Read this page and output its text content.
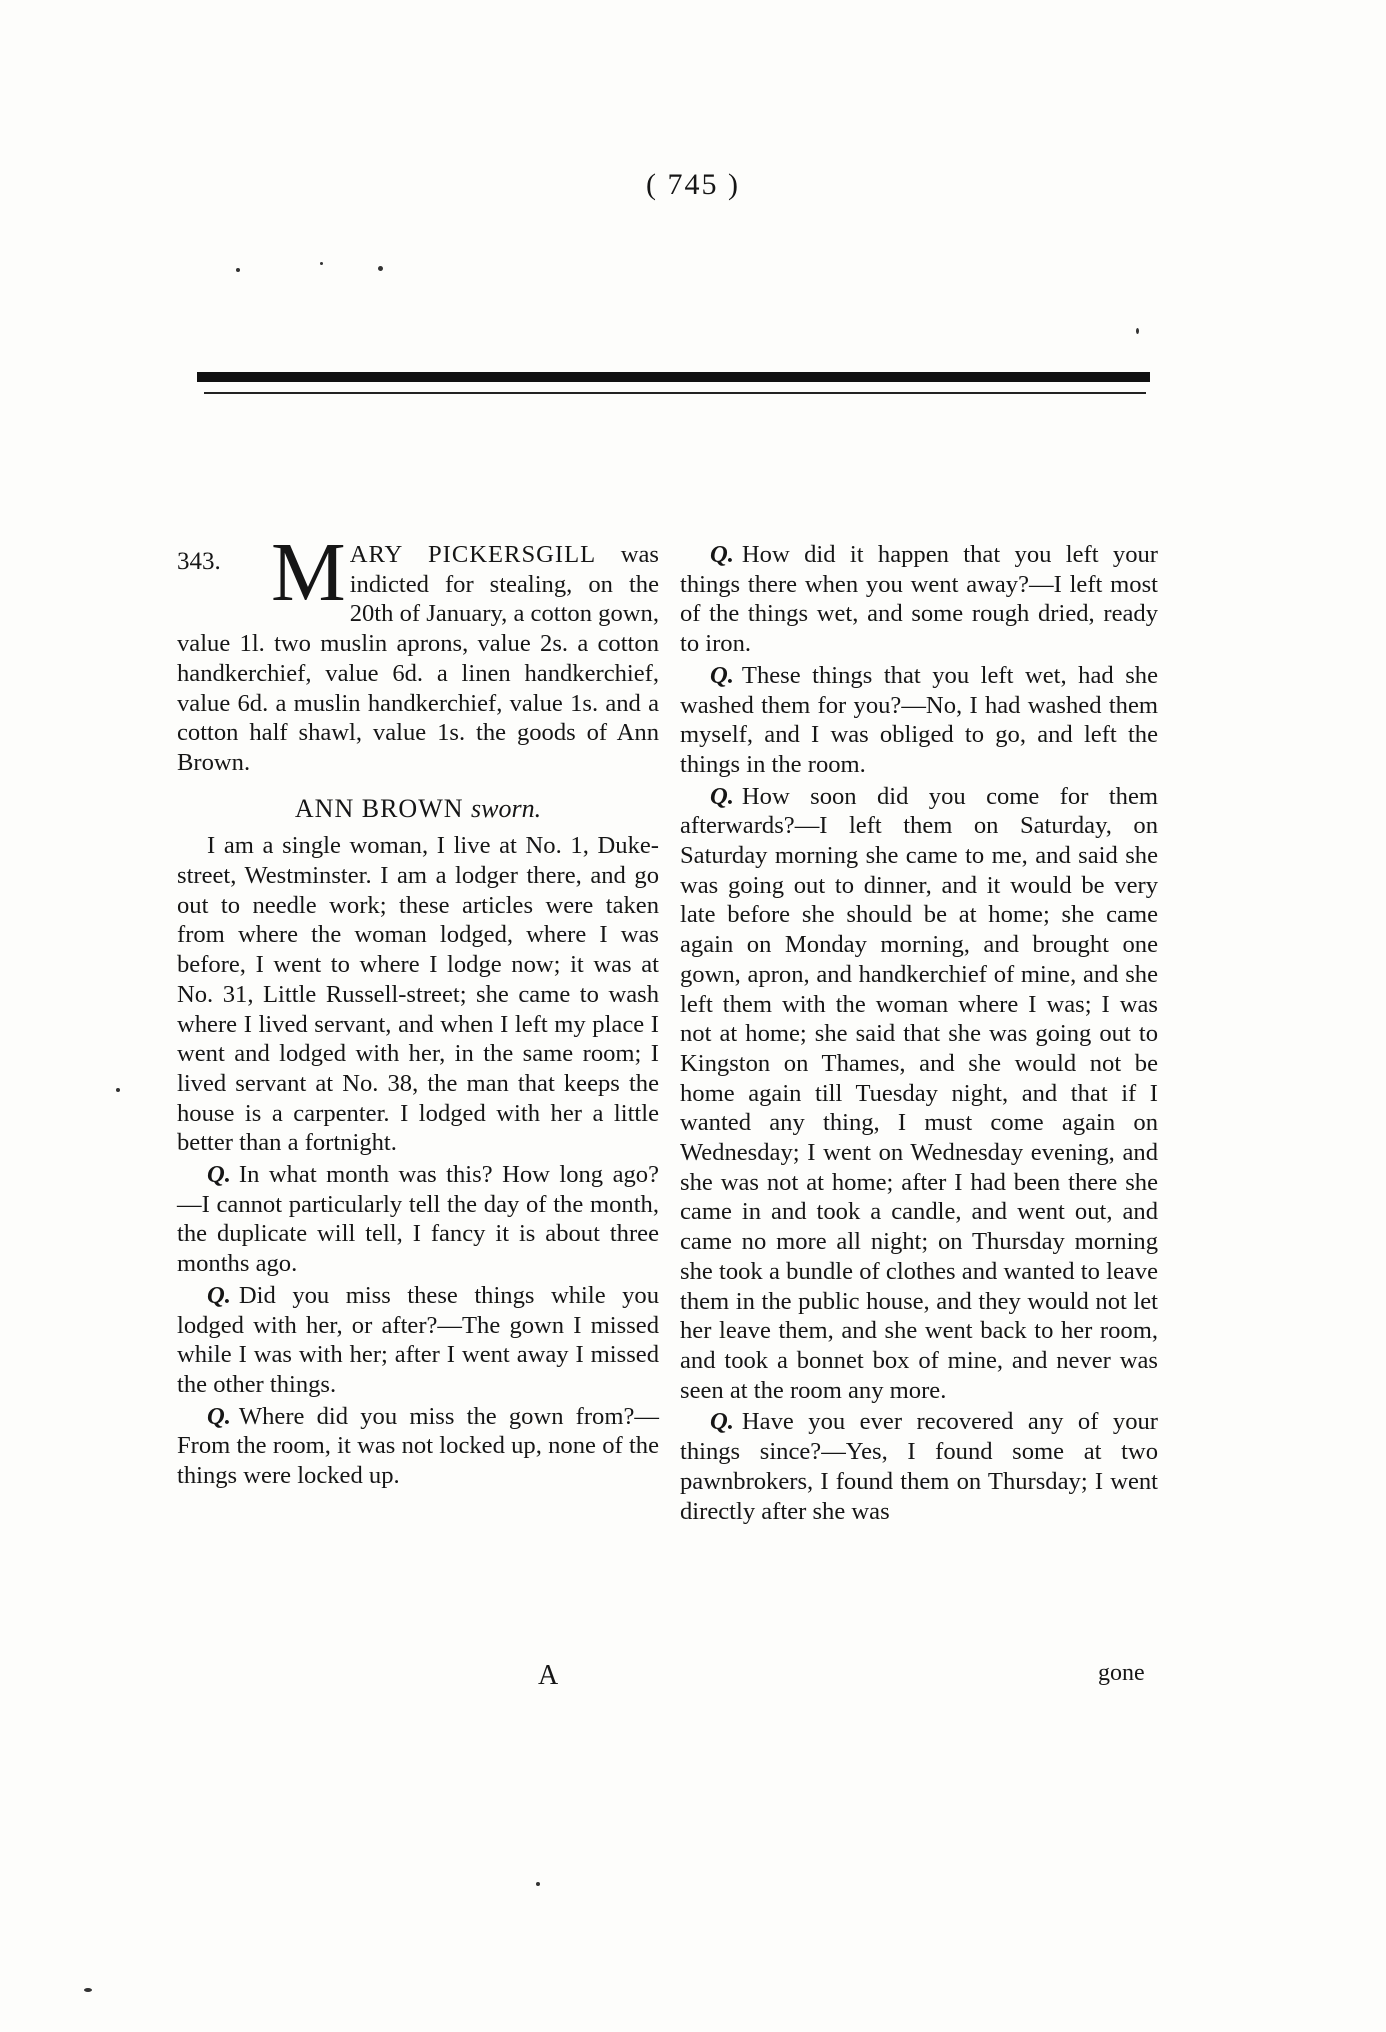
( 745 )

343. M ARY PICKERSGILL was indicted for stealing, on the 20th of January, a cotton gown, value 1l. two muslin aprons, value 2s. a cotton handkerchief, value 6d. a linen handkerchief, value 6d. a muslin handkerchief, value 1s. and a cotton half shawl, value 1s. the goods of Ann Brown.

ANN BROWN sworn.

I am a single woman, I live at No. 1, Duke-street, Westminster. I am a lodger there, and go out to needle work; these articles were taken from where the woman lodged, where I was before, I went to where I lodge now; it was at No. 31, Little Russell-street; she came to wash where I lived servant, and when I left my place I went and lodged with her, in the same room; I lived servant at No. 38, the man that keeps the house is a carpenter. I lodged with her a little better than a fortnight.

Q. In what month was this? How long ago?—I cannot particularly tell the day of the month, the duplicate will tell, I fancy it is about three months ago.

Q. Did you miss these things while you lodged with her, or after?—The gown I missed while I was with her; after I went away I missed the other things.

Q. Where did you miss the gown from?—From the room, it was not locked up, none of the things were locked up.

Q. How did it happen that you left your things there when you went away?—I left most of the things wet, and some rough dried, ready to iron.

Q. These things that you left wet, had she washed them for you?—No, I had washed them myself, and I was obliged to go, and left the things in the room.

Q. How soon did you come for them afterwards?—I left them on Saturday, on Saturday morning she came to me, and said she was going out to dinner, and it would be very late before she should be at home; she came again on Monday morning, and brought one gown, apron, and handkerchief of mine, and she left them with the woman where I was; I was not at home; she said that she was going out to Kingston on Thames, and she would not be home again till Tuesday night, and that if I wanted any thing, I must come again on Wednesday; I went on Wednesday evening, and she was not at home; after I had been there she came in and took a candle, and went out, and came no more all night; on Thursday morning she took a bundle of clothes and wanted to leave them in the public house, and they would not let her leave them, and she went back to her room, and took a bonnet box of mine, and never was seen at the room any more.

Q. Have you ever recovered any of your things since?—Yes, I found some at two pawnbrokers, I found them on Thursday; I went directly after she was

A	gone
